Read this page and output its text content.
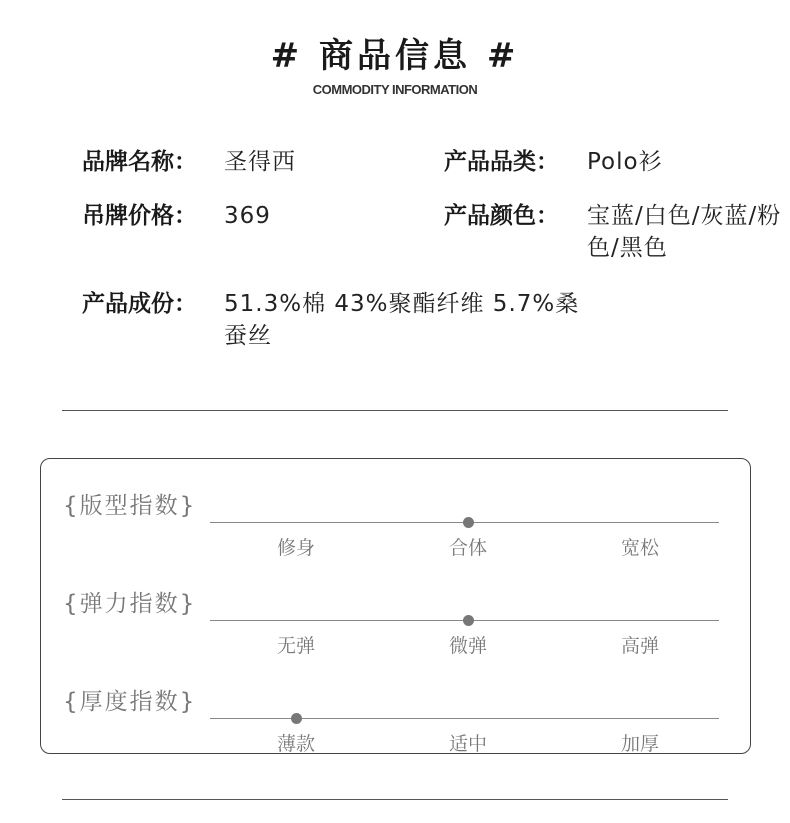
# 商品信息 #
COMMODITY INFORMATION
品牌名称： 圣得西	产品品类： Polo衫
吊牌价格： 369	产品颜色： 宝蓝/白色/灰蓝/粉色/黑色
产品成份： 51.3%棉 43%聚酯纤维 5.7%桑蚕丝
{版型指数}
修身	合体	宽松
{弹力指数}
无弹	微弹	高弹
{厚度指数}
薄款	适中	加厚
